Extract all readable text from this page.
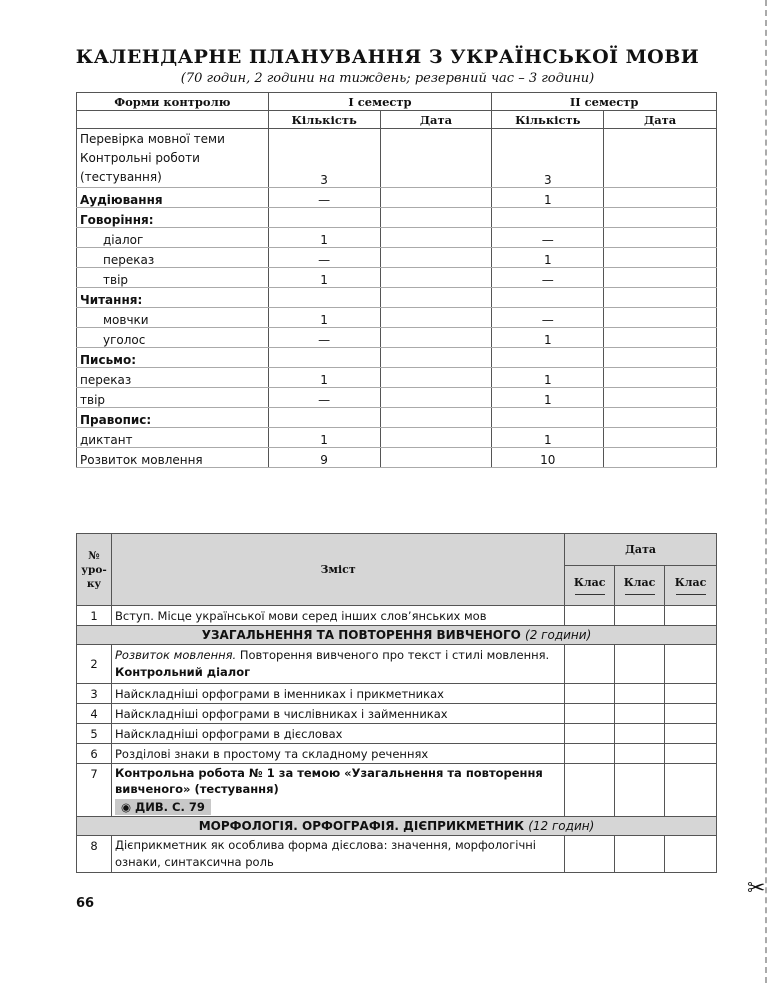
✂
КАЛЕНДАРНЕ ПЛАНУВАННЯ З УКРАЇНСЬКОЇ МОВИ
(70 годин, 2 години на тиждень; резервний час – 3 години)
Форми контролю	І семестр		ІІ семестр	
	Кількість	Дата	Кількість	Дата
Перевірка мовної теми
Контрольні роботи
(тестування)	3		3	
Аудіювання	—		1	
Говоріння:				
діалог	1		—	
переказ	—		1	
твір	1		—	
Читання:				
мовчки	1		—	
уголос	—		1	
Письмо:				
переказ	1		1	
твір	—		1	
Правопис:				
диктант	1		1	
Розвиток мовлення	9		10	
№ уро- ку	Зміст	Дата		

		Клас	Клас	Клас

1	Вступ. Місце української мови серед інших слов’янських мов			
УЗАГАЛЬНЕННЯ ТА ПОВТОРЕННЯ ВИВЧЕНОГО (2 години)				
2	Розвиток мовлення. Повторення вивченого про текст і стилі мовлення. Контрольний діалог			
3	Найскладніші орфограми в іменниках і прикметниках			
4	Найскладніші орфограми в числівниках і займенниках			
5	Найскладніші орфограми в дієсловах			
6	Розділові знаки в простому та складному реченнях			
7	Контрольна робота № 1 за темою «Узагальнення та повторення вивченого» (тестування)
◉ ДИВ. С. 79			
МОРФОЛОГІЯ. ОРФОГРАФІЯ. ДІЄПРИКМЕТНИК (12 годин)				
8	Дієприкметник як особлива форма дієслова: значення, морфологічні ознаки, синтаксична роль			
66
